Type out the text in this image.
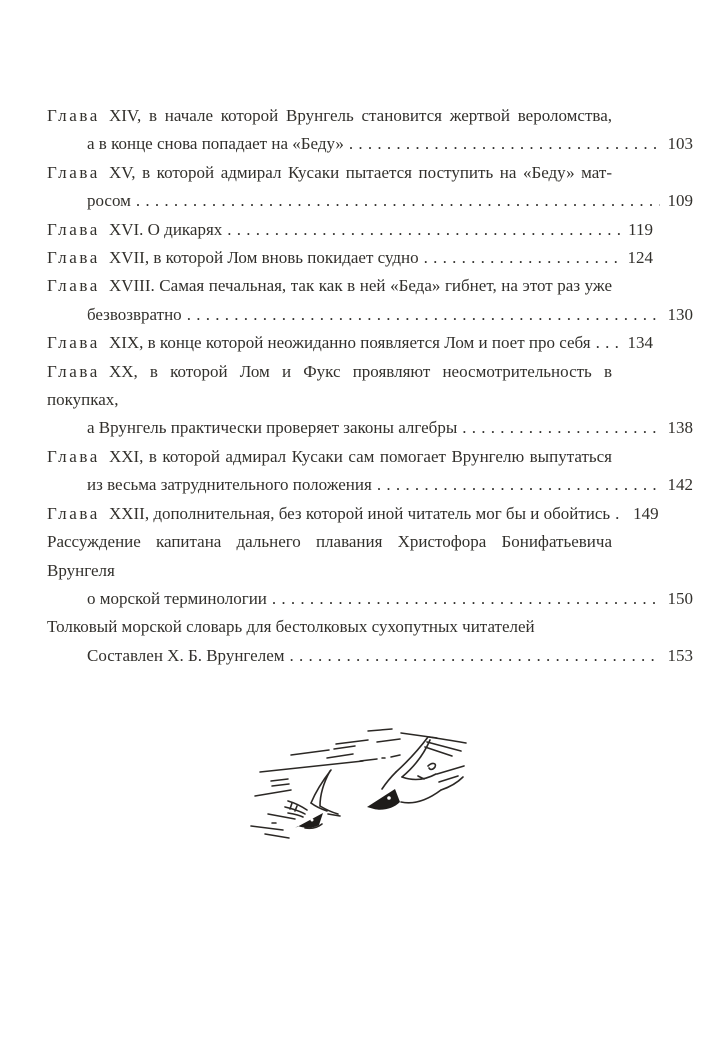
Глава XIV, в начале которой Врунгель становится жертвой вероломства,
а в конце снова попадает на «Беду» . . .	103
Глава XV, в которой адмирал Кусаки пытается поступить на «Беду» мат-
росом . . .	109
Глава XVI. О дикарях . . .	119
Глава XVII, в которой Лом вновь покидает судно . . .	124
Глава XVIII. Самая печальная, так как в ней «Беда» гибнет, на этот раз уже
безвозвратно . . .	130
Глава XIX, в конце которой неожиданно появляется Лом и поет про себя . . . 134
Глава XX, в которой Лом и Фукс проявляют неосмотрительность в покупках,
а Врунгель практически проверяет законы алгебры . . .	138
Глава XXI, в которой адмирал Кусаки сам помогает Врунгелю выпутаться
из весьма затруднительного положения . . .	142
Глава XXII, дополнительная, без которой иной читатель мог бы и обойтись . . . 149
Рассуждение капитана дальнего плавания Христофора Бонифатьевича Врунгеля
о морской терминологии . . .	150
Толковый морской словарь для бестолковых сухопутных читателей
Составлен Х. Б. Врунгелем . . .	153
